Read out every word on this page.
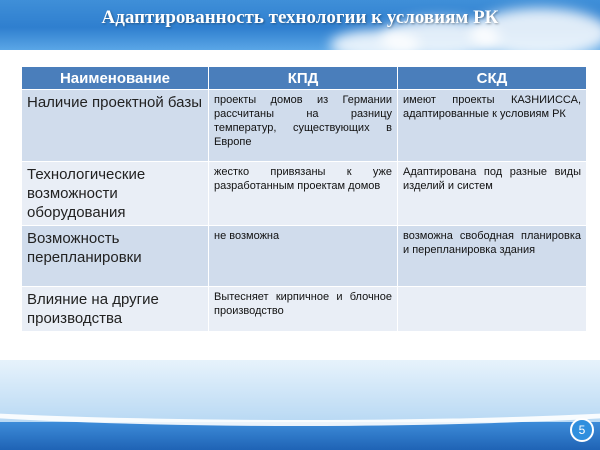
Адаптированность технологии к условиям РК
Наименование	КПД	СКД
Наличие проектной базы	проекты домов из Германии рассчитаны на разницу температур, существующих в Европе	имеют проекты КАЗНИИССА, адаптированные к условиям РК
Технологические возможности оборудования	жестко привязаны к уже разработанным проектам домов	Адаптирована под разные виды изделий и систем
Возможность перепланировки	не возможна	возможна свободная планировка и перепланировка здания
Влияние на другие производства	Вытесняет кирпичное и блочное производство	
5
